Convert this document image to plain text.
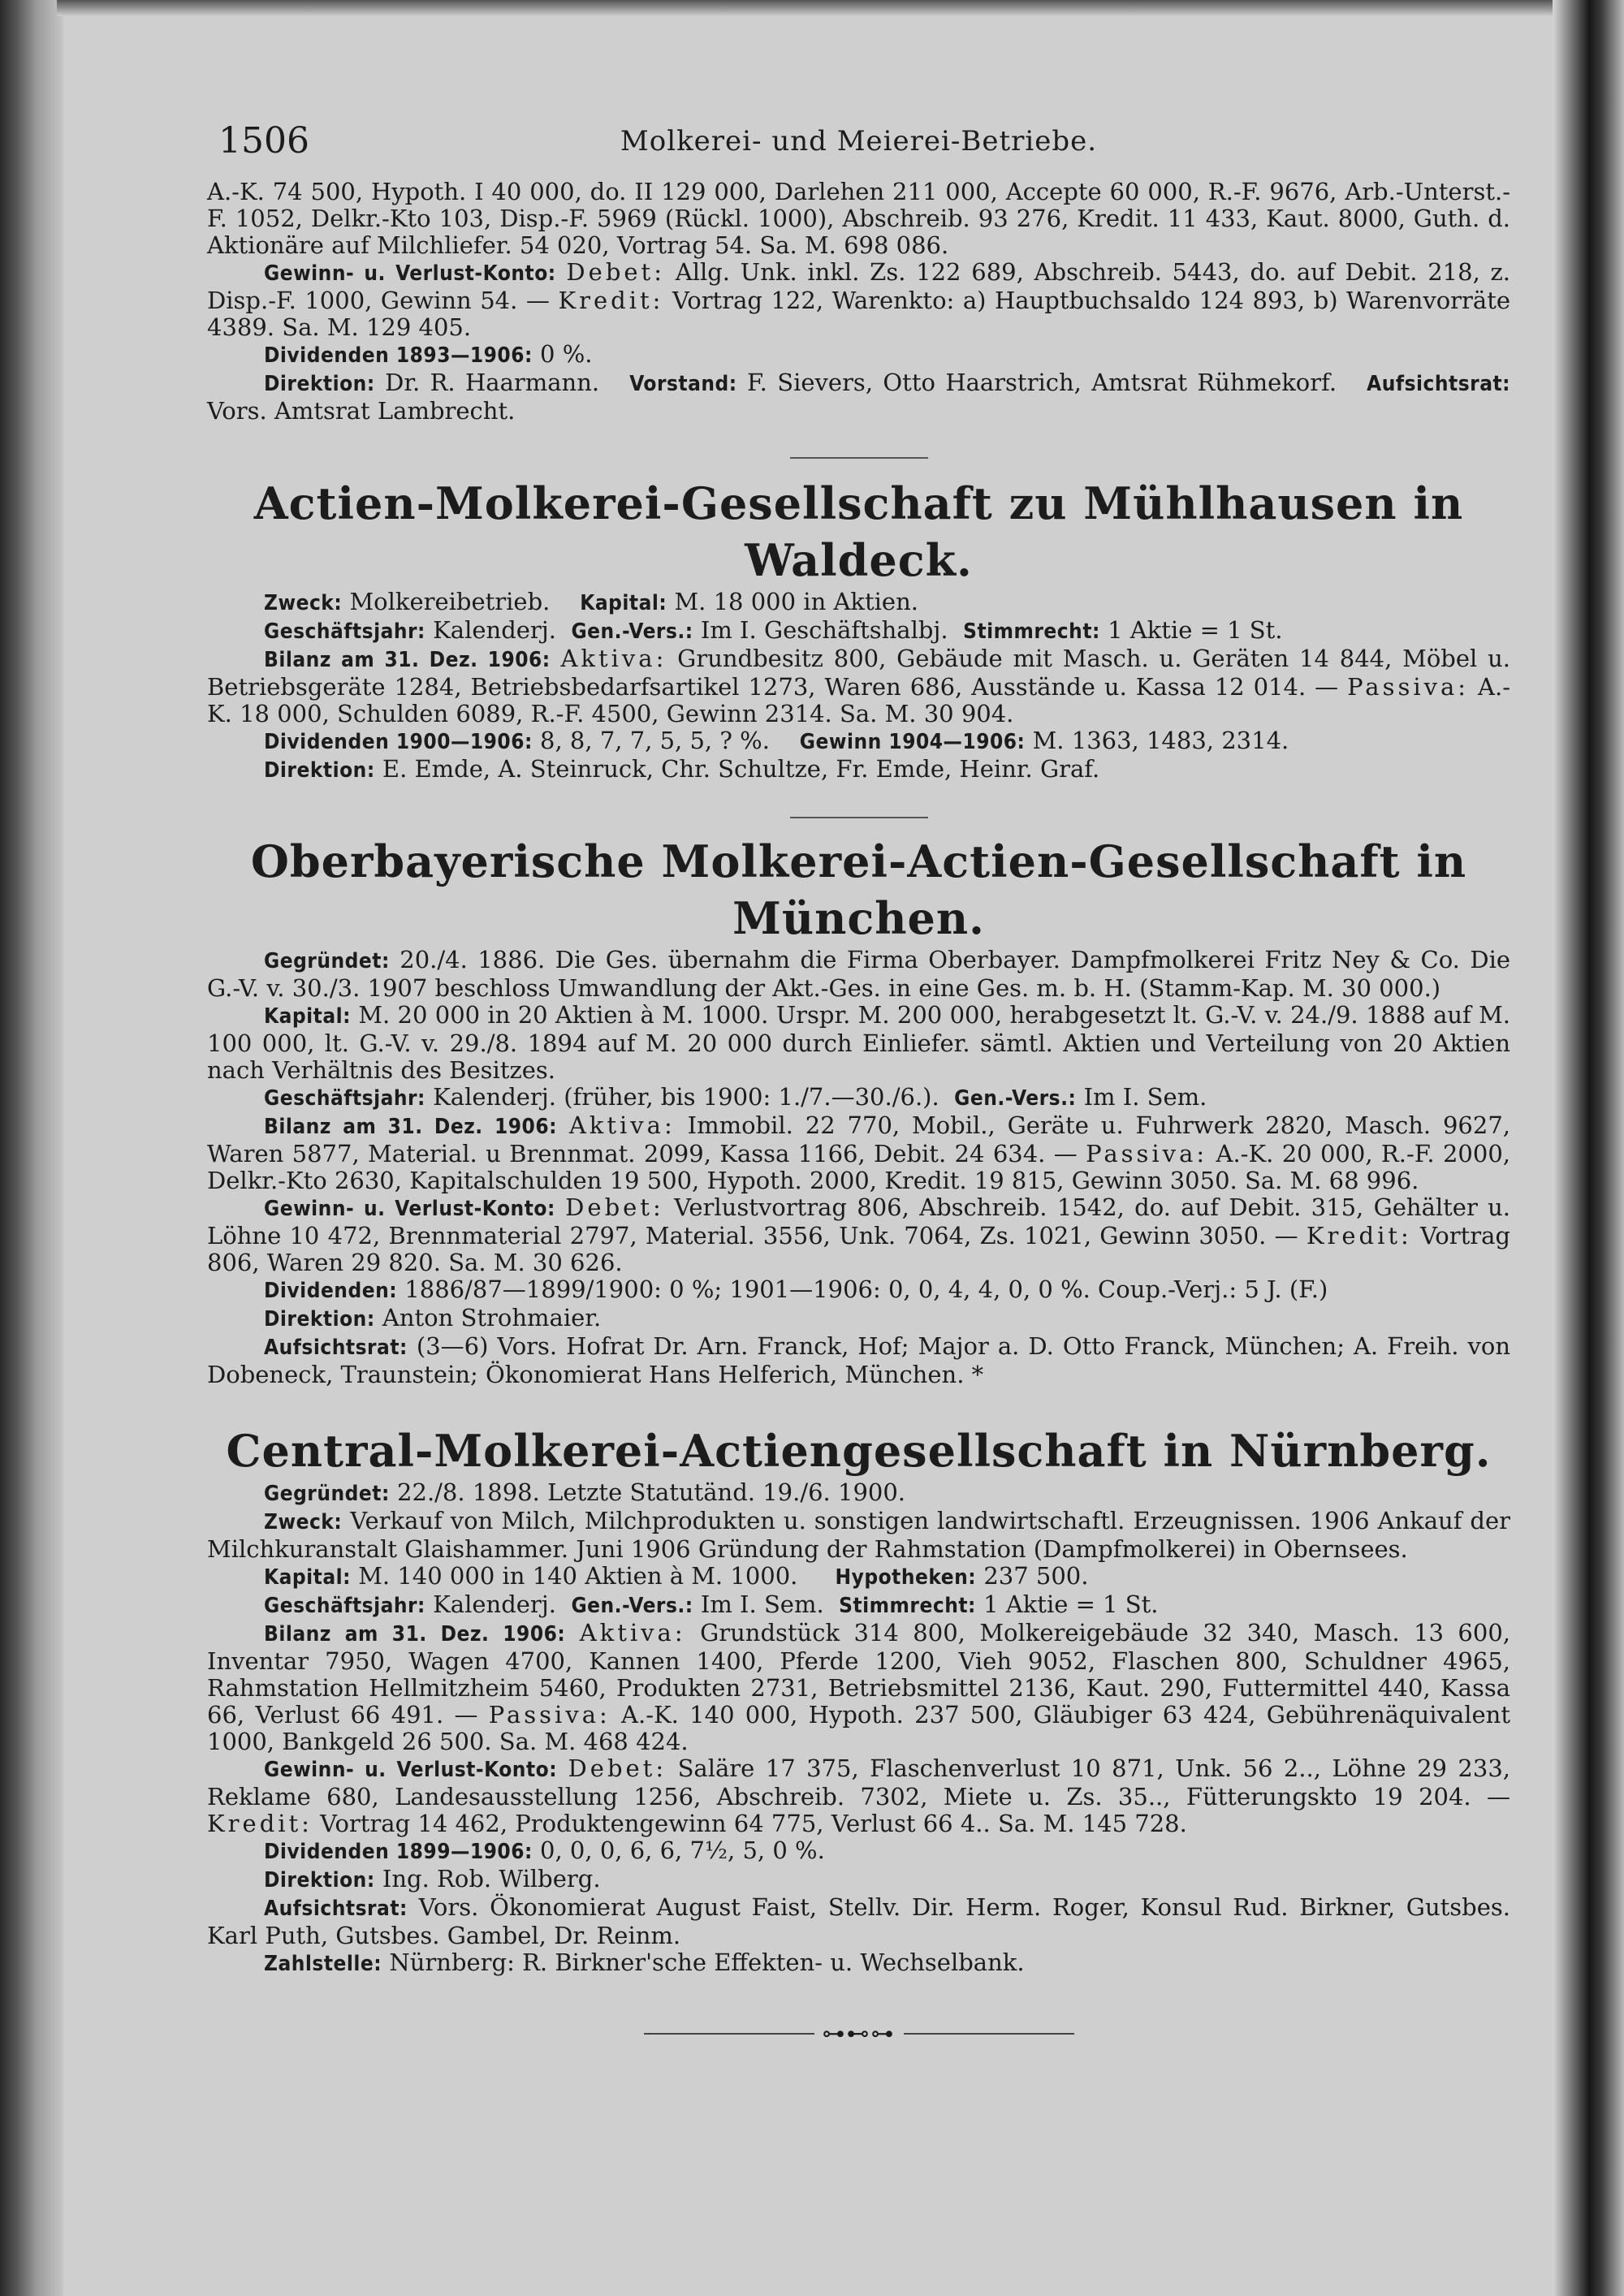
1506	Molkerei- und Meierei-Betriebe.

A.-K. 74 500, Hypoth. I 40 000, do. II 129 000, Darlehen 211 000, Accepte 60 000, R.-F. 9676, Arb.-Unterst.-F. 1052, Delkr.-Kto 103, Disp.-F. 5969 (Rückl. 1000), Abschreib. 93 276, Kredit. 11 433, Kaut. 8000, Guth. d. Aktionäre auf Milchliefer. 54 020, Vortrag 54. Sa. M. 698 086.

Gewinn- u. Verlust-Konto: Debet: Allg. Unk. inkl. Zs. 122 689, Abschreib. 5443, do. auf Debit. 218, z. Disp.-F. 1000, Gewinn 54. — Kredit: Vortrag 122, Warenkto: a) Hauptbuchsaldo 124 893, b) Warenvorräte 4389. Sa. M. 129 405.

Dividenden 1893—1906: 0 %.

Direktion: Dr. R. Haarmann. Vorstand: F. Sievers, Otto Haarstrich, Amtsrat Rühmekorf. Aufsichtsrat: Vors. Amtsrat Lambrecht.

Actien-Molkerei-Gesellschaft zu Mühlhausen in Waldeck.

Zweck: Molkereibetrieb. Kapital: M. 18 000 in Aktien.

Geschäftsjahr: Kalenderj. Gen.-Vers.: Im I. Geschäftshalbj. Stimmrecht: 1 Aktie = 1 St.

Bilanz am 31. Dez. 1906: Aktiva: Grundbesitz 800, Gebäude mit Masch. u. Geräten 14 844, Möbel u. Betriebsgeräte 1284, Betriebsbedarfsartikel 1273, Waren 686, Ausstände u. Kassa 12 014. — Passiva: A.-K. 18 000, Schulden 6089, R.-F. 4500, Gewinn 2314. Sa. M. 30 904.

Dividenden 1900—1906: 8, 8, 7, 7, 5, 5, ? %. Gewinn 1904—1906: M. 1363, 1483, 2314.

Direktion: E. Emde, A. Steinruck, Chr. Schultze, Fr. Emde, Heinr. Graf.

Oberbayerische Molkerei-Actien-Gesellschaft in München.

Gegründet: 20./4. 1886. Die Ges. übernahm die Firma Oberbayer. Dampfmolkerei Fritz Ney & Co. Die G.-V. v. 30./3. 1907 beschloss Umwandlung der Akt.-Ges. in eine Ges. m. b. H. (Stamm-Kap. M. 30 000.)

Kapital: M. 20 000 in 20 Aktien à M. 1000. Urspr. M. 200 000, herabgesetzt lt. G.-V. v. 24./9. 1888 auf M. 100 000, lt. G.-V. v. 29./8. 1894 auf M. 20 000 durch Einliefer. sämtl. Aktien und Verteilung von 20 Aktien nach Verhältnis des Besitzes.

Geschäftsjahr: Kalenderj. (früher, bis 1900: 1./7.—30./6.). Gen.-Vers.: Im I. Sem.

Bilanz am 31. Dez. 1906: Aktiva: Immobil. 22 770, Mobil., Geräte u. Fuhrwerk 2820, Masch. 9627, Waren 5877, Material. u Brennmat. 2099, Kassa 1166, Debit. 24 634. — Passiva: A.-K. 20 000, R.-F. 2000, Delkr.-Kto 2630, Kapitalschulden 19 500, Hypoth. 2000, Kredit. 19 815, Gewinn 3050. Sa. M. 68 996.

Gewinn- u. Verlust-Konto: Debet: Verlustvortrag 806, Abschreib. 1542, do. auf Debit. 315, Gehälter u. Löhne 10 472, Brennmaterial 2797, Material. 3556, Unk. 7064, Zs. 1021, Gewinn 3050. — Kredit: Vortrag 806, Waren 29 820. Sa. M. 30 626.

Dividenden: 1886/87—1899/1900: 0 %; 1901—1906: 0, 0, 4, 4, 0, 0 %. Coup.-Verj.: 5 J. (F.)

Direktion: Anton Strohmaier.

Aufsichtsrat: (3—6) Vors. Hofrat Dr. Arn. Franck, Hof; Major a. D. Otto Franck, München; A. Freih. von Dobeneck, Traunstein; Ökonomierat Hans Helferich, München. *

Central-Molkerei-Actiengesellschaft in Nürnberg.

Gegründet: 22./8. 1898. Letzte Statutänd. 19./6. 1900.

Zweck: Verkauf von Milch, Milchprodukten u. sonstigen landwirtschaftl. Erzeugnissen. 1906 Ankauf der Milchkuranstalt Glaishammer. Juni 1906 Gründung der Rahmstation (Dampfmolkerei) in Obernsees.

Kapital: M. 140 000 in 140 Aktien à M. 1000. Hypotheken: 237 500.

Geschäftsjahr: Kalenderj. Gen.-Vers.: Im I. Sem. Stimmrecht: 1 Aktie = 1 St.

Bilanz am 31. Dez. 1906: Aktiva: Grundstück 314 800, Molkereigebäude 32 340, Masch. 13 600, Inventar 7950, Wagen 4700, Kannen 1400, Pferde 1200, Vieh 9052, Flaschen 800, Schuldner 4965, Rahmstation Hellmitzheim 5460, Produkten 2731, Betriebsmittel 2136, Kaut. 290, Futtermittel 440, Kassa 66, Verlust 66 491. — Passiva: A.-K. 140 000, Hypoth. 237 500, Gläubiger 63 424, Gebührenäquivalent 1000, Bankgeld 26 500. Sa. M. 468 424.

Gewinn- u. Verlust-Konto: Debet: Saläre 17 375, Flaschenverlust 10 871, Unk. 56 2.., Löhne 29 233, Reklame 680, Landesausstellung 1256, Abschreib. 7302, Miete u. Zs. 35.., Fütterungskto 19 204. — Kredit: Vortrag 14 462, Produktengewinn 64 775, Verlust 66 4.. Sa. M. 145 728.

Dividenden 1899—1906: 0, 0, 0, 6, 6, 7½, 5, 0 %.

Direktion: Ing. Rob. Wilberg.

Aufsichtsrat: Vors. Ökonomierat August Faist, Stellv. Dir. Herm. Roger, Konsul Rud. Birkner, Gutsbes. Karl Puth, Gutsbes. Gambel, Dr. Reinm.

Zahlstelle: Nürnberg: R. Birkner'sche Effekten- u. Wechselbank.

⊶⊷⊶
